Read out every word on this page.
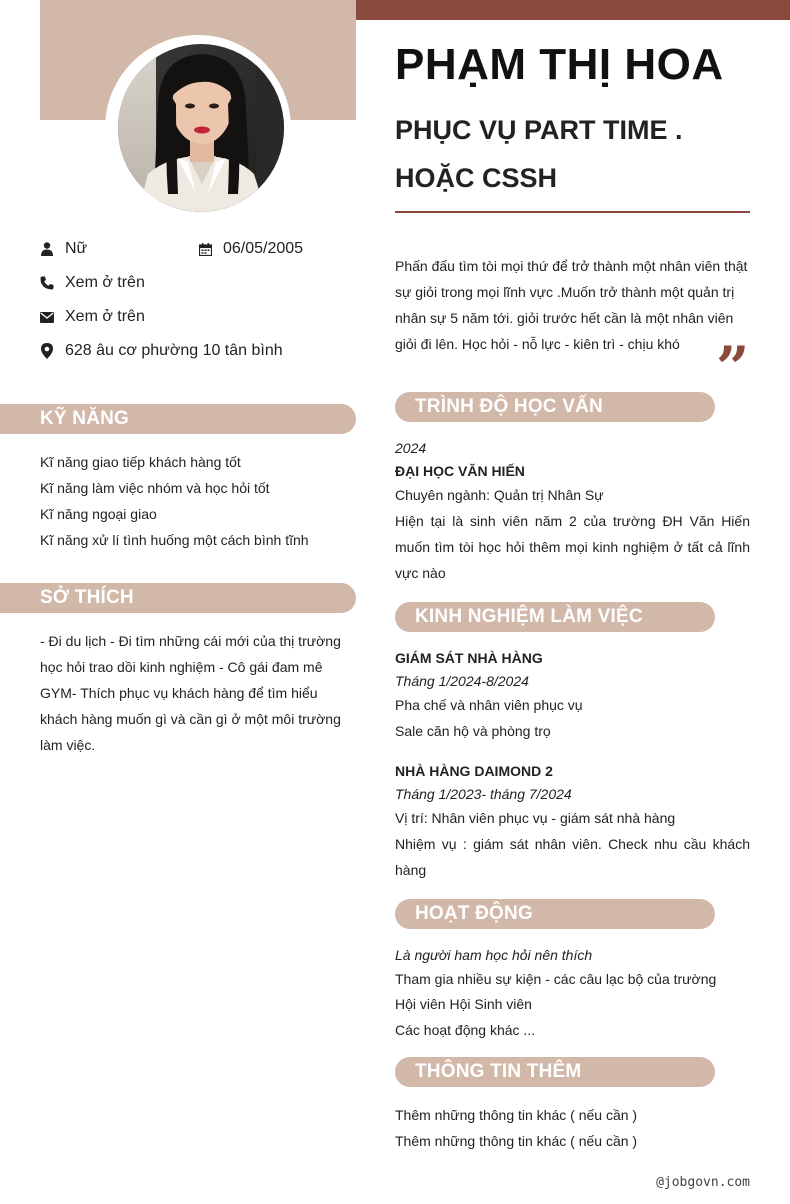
Nữ	06/05/2005
Xem ở trên
Xem ở trên
628 âu cơ phường 10 tân bình
KỸ NĂNG
Kĩ năng giao tiếp khách hàng tốt
Kĩ năng làm việc nhóm và học hỏi tốt
Kĩ năng ngoại giao
Kĩ năng xử lí tình huống một cách bình tĩnh
SỞ THÍCH
- Đi du lịch - Đi tìm những cái mới của thị trường học hỏi trao dồi kinh nghiệm - Cô gái đam mê GYM- Thích phục vụ khách hàng để tìm hiểu khách hàng muốn gì và cần gì ở một môi trường làm việc.
PHẠM THỊ HOA
PHỤC VỤ PART TIME .
HOẶC CSSH
Phấn đấu tìm tòi mọi thứ để trở thành một nhân viên thật sự giỏi trong mọi lĩnh vực .Muốn trở thành một quản trị nhân sự 5 năm tới. giỏi trước hết cần là một nhân viên giỏi đi lên. Học hỏi - nỗ lực - kiên trì - chịu khó ”
TRÌNH ĐỘ HỌC VẤN
2024
ĐẠI HỌC VĂN HIẾN
Chuyên ngành: Quản trị Nhân Sự
Hiện tại là sinh viên năm 2 của trường ĐH Văn Hiến muốn tìm tòi học hỏi thêm mọi kinh nghiệm ở tất cả lĩnh vực nào
KINH NGHIỆM LÀM VIỆC
GIÁM SÁT NHÀ HÀNG
Tháng 1/2024-8/2024
Pha chế và nhân viên phục vụ
Sale căn hộ và phòng trọ
NHÀ HÀNG DAIMOND 2
Tháng 1/2023- tháng 7/2024
Vị trí: Nhân viên phục vụ - giám sát nhà hàng
Nhiệm vụ : giám sát nhân viên. Check nhu cầu khách hàng
HOẠT ĐỘNG
Là người ham học hỏi nên thích
Tham gia nhiều sự kiện - các câu lạc bộ của trường
Hội viên Hội Sinh viên
Các hoạt động khác ...
THÔNG TIN THÊM
Thêm những thông tin khác ( nếu cần )
Thêm những thông tin khác ( nếu cần )
@jobgovn.com
